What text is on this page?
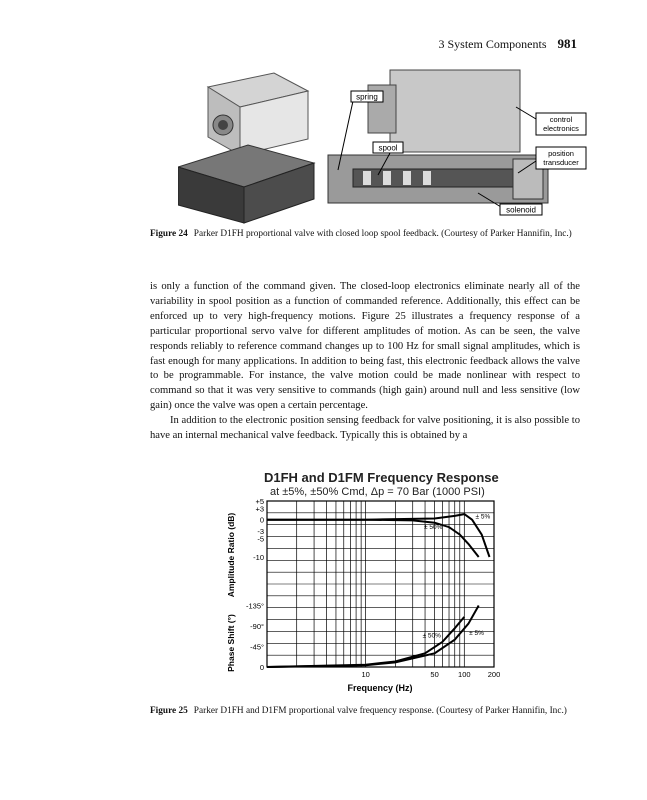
3 System Components 981
spring
spool
control
electronics
position
transducer
solenoid
Figure 24 Parker D1FH proportional valve with closed loop spool feedback. (Courtesy of Parker Hannifin, Inc.)

is only a function of the command given. The closed-loop electronics eliminate nearly all of the variability in spool position as a function of commanded reference. Additionally, this effect can be enforced up to very high-frequency motions. Figure 25 illustrates a frequency response of a particular proportional servo valve for different amplitudes of motion. As can be seen, the valve responds reliably to reference command changes up to 100 Hz for small signal amplitudes, which is fast enough for many applications. In addition to being fast, this electronic feedback allows the valve to be programmable. For instance, the valve motion could be made nonlinear with respect to command so that it was very sensitive to commands (high gain) around null and less sensitive (low gain) once the valve was open a certain percentage.

In addition to the electronic position sensing feedback for valve positioning, it is also possible to have an internal mechanical valve feedback. Typically this is obtained by a

D1FH and D1FM Frequency Response
at ±5%, ±50% Cmd, Δp = 70 Bar (1000 PSI)
+5
+3
0
-3
-5
-10
-135°
-90°
-45°
0
10	50	100 200
± 50%
± 5%
± 50%	± 5%
Amplitude Ratio (dB)
Phase Shift (°)
Frequency (Hz)
Figure 25 Parker D1FH and D1FM proportional valve frequency response. (Courtesy of Parker Hannifin, Inc.)
